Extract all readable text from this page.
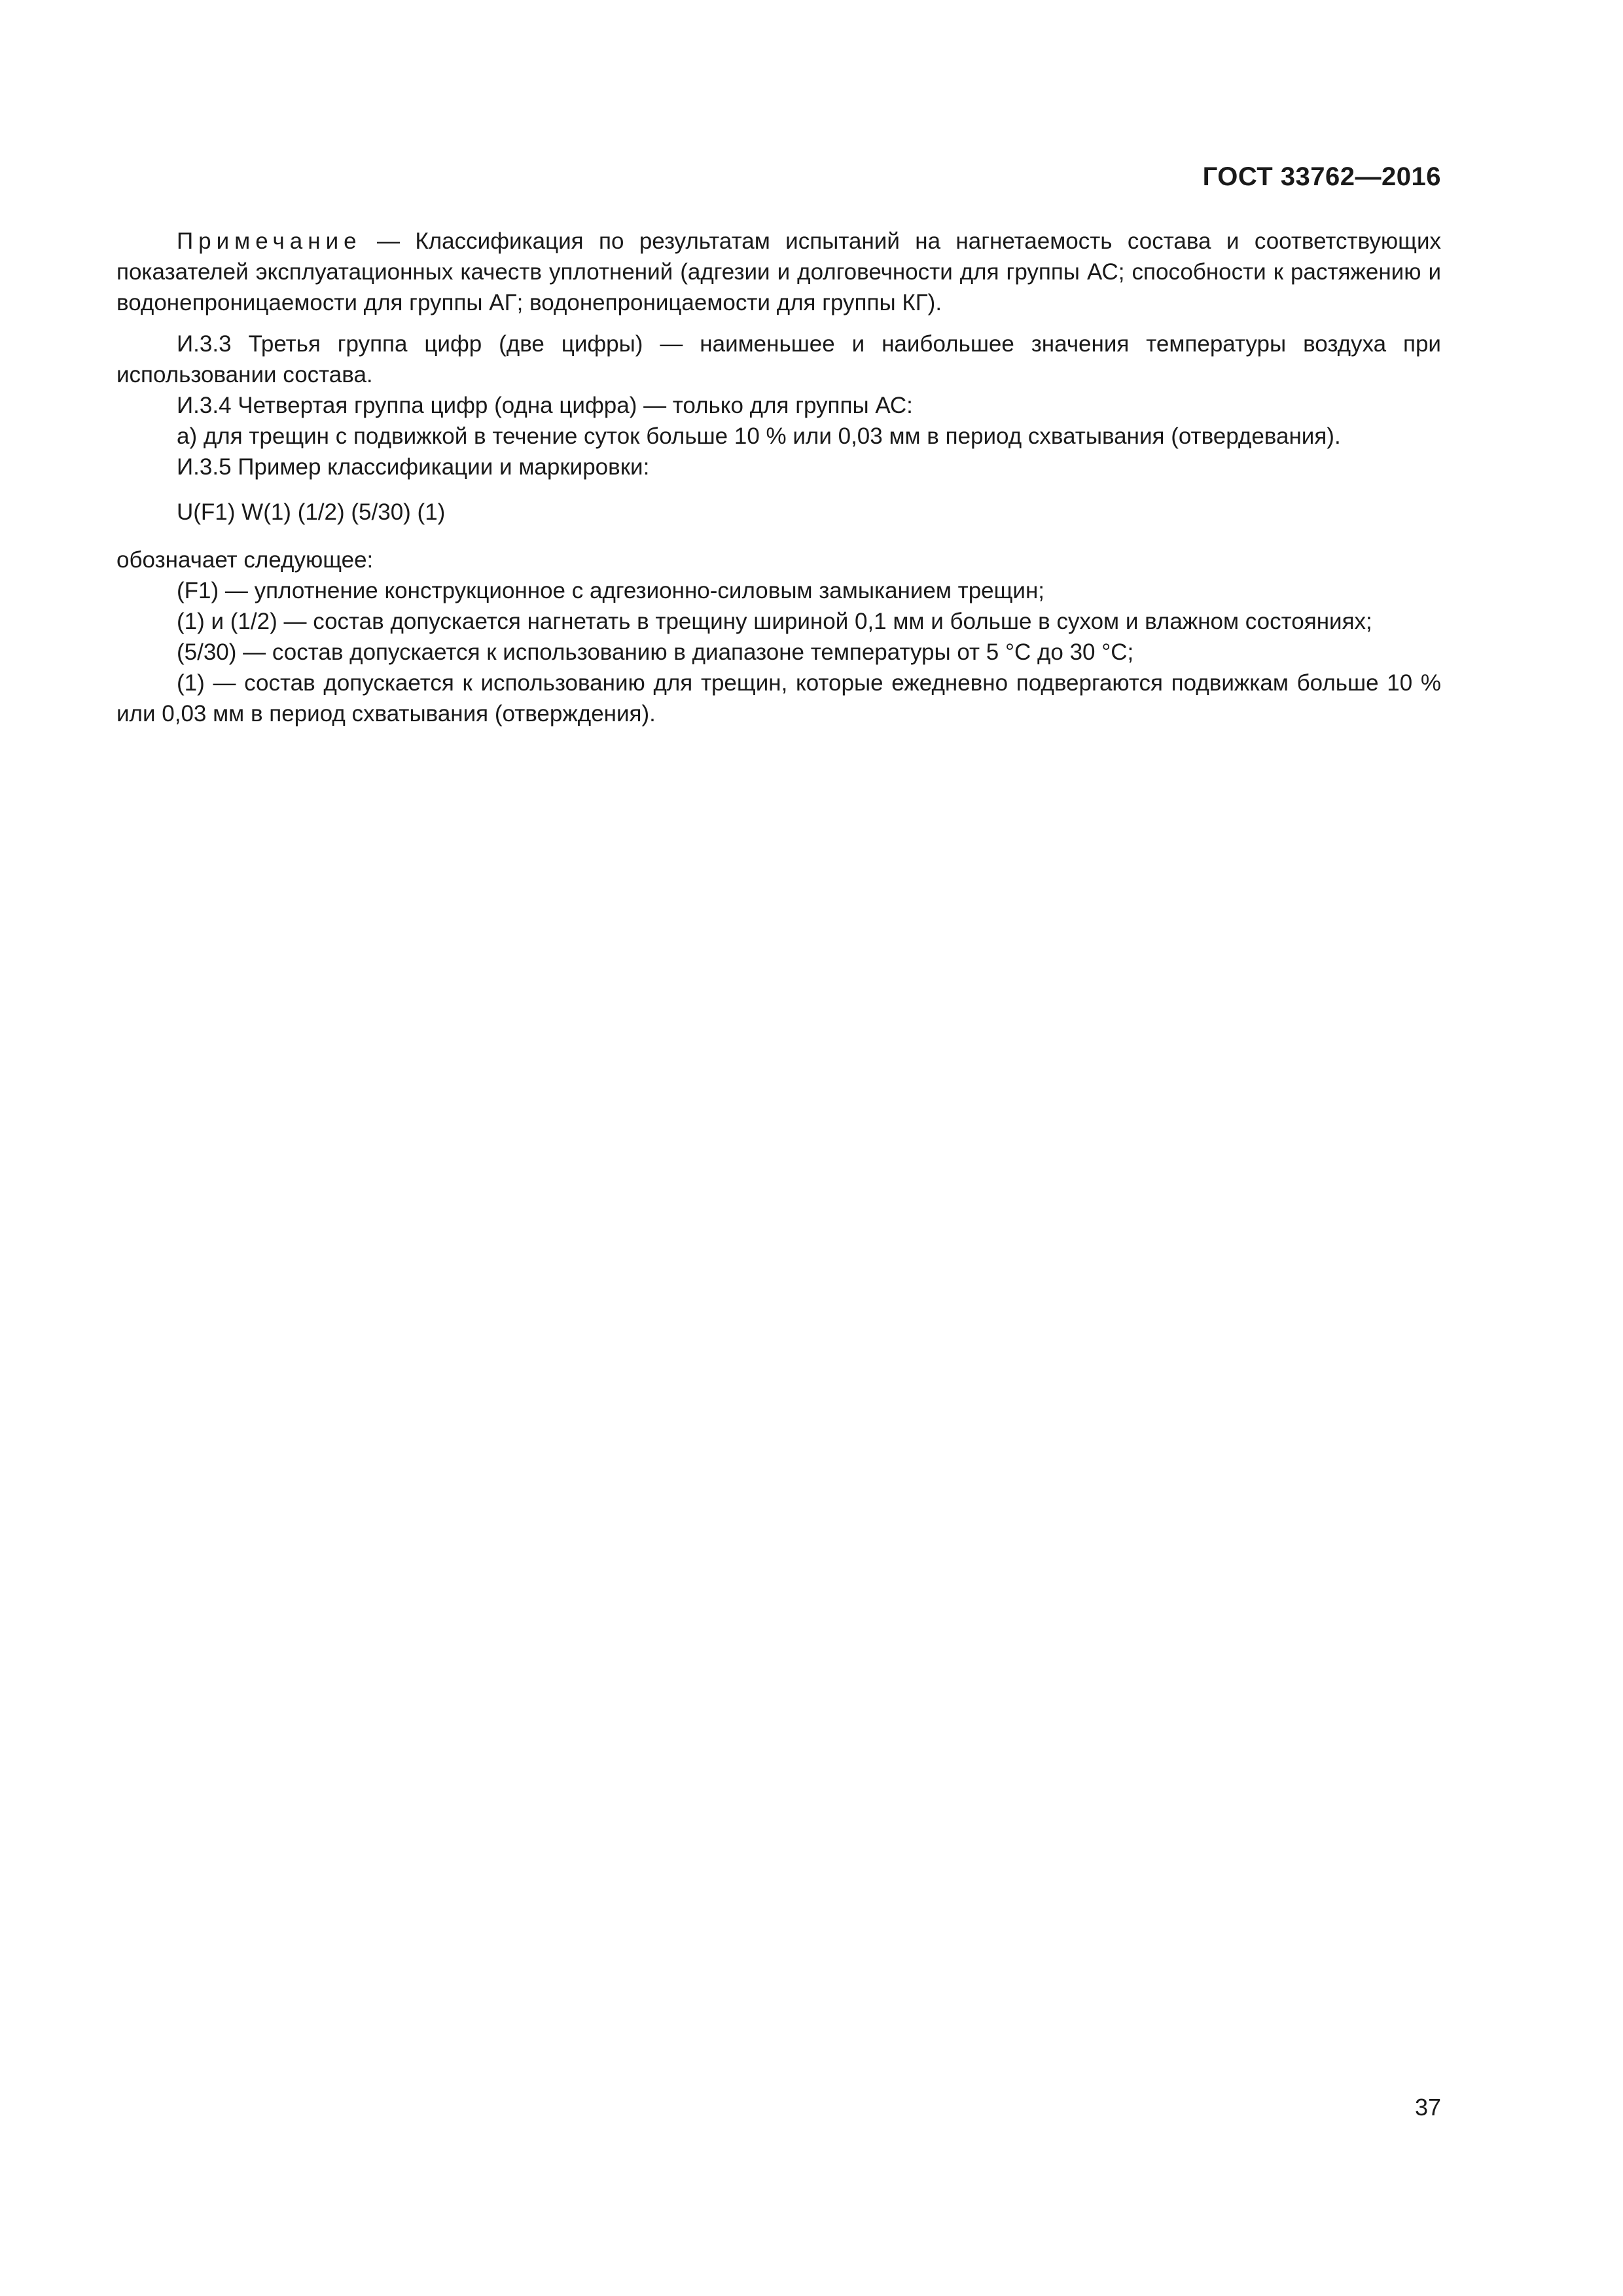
ГОСТ 33762—2016

Примечание — Классификация по результатам испытаний на нагнетаемость состава и соответствующих показателей эксплуатационных качеств уплотнений (адгезии и долговечности для группы АС; способности к растяжению и водонепроницаемости для группы АГ; водонепроницаемости для группы КГ).

И.3.3 Третья группа цифр (две цифры) — наименьшее и наибольшее значения температуры воздуха при использовании состава.

И.3.4 Четвертая группа цифр (одна цифра) — только для группы АС:

а) для трещин с подвижкой в течение суток больше 10 % или 0,03 мм в период схватывания (отвердевания).

И.3.5 Пример классификации и маркировки:

U(F1) W(1) (1/2) (5/30) (1)

обозначает следующее:

(F1) — уплотнение конструкционное с адгезионно-силовым замыканием трещин;

(1) и (1/2) — состав допускается нагнетать в трещину шириной 0,1 мм и больше в сухом и влажном состояниях;

(5/30) — состав допускается к использованию в диапазоне температуры от 5 °С до 30 °С;

(1) — состав допускается к использованию для трещин, которые ежедневно подвергаются подвижкам больше 10 % или 0,03 мм в период схватывания (отверждения).

37
